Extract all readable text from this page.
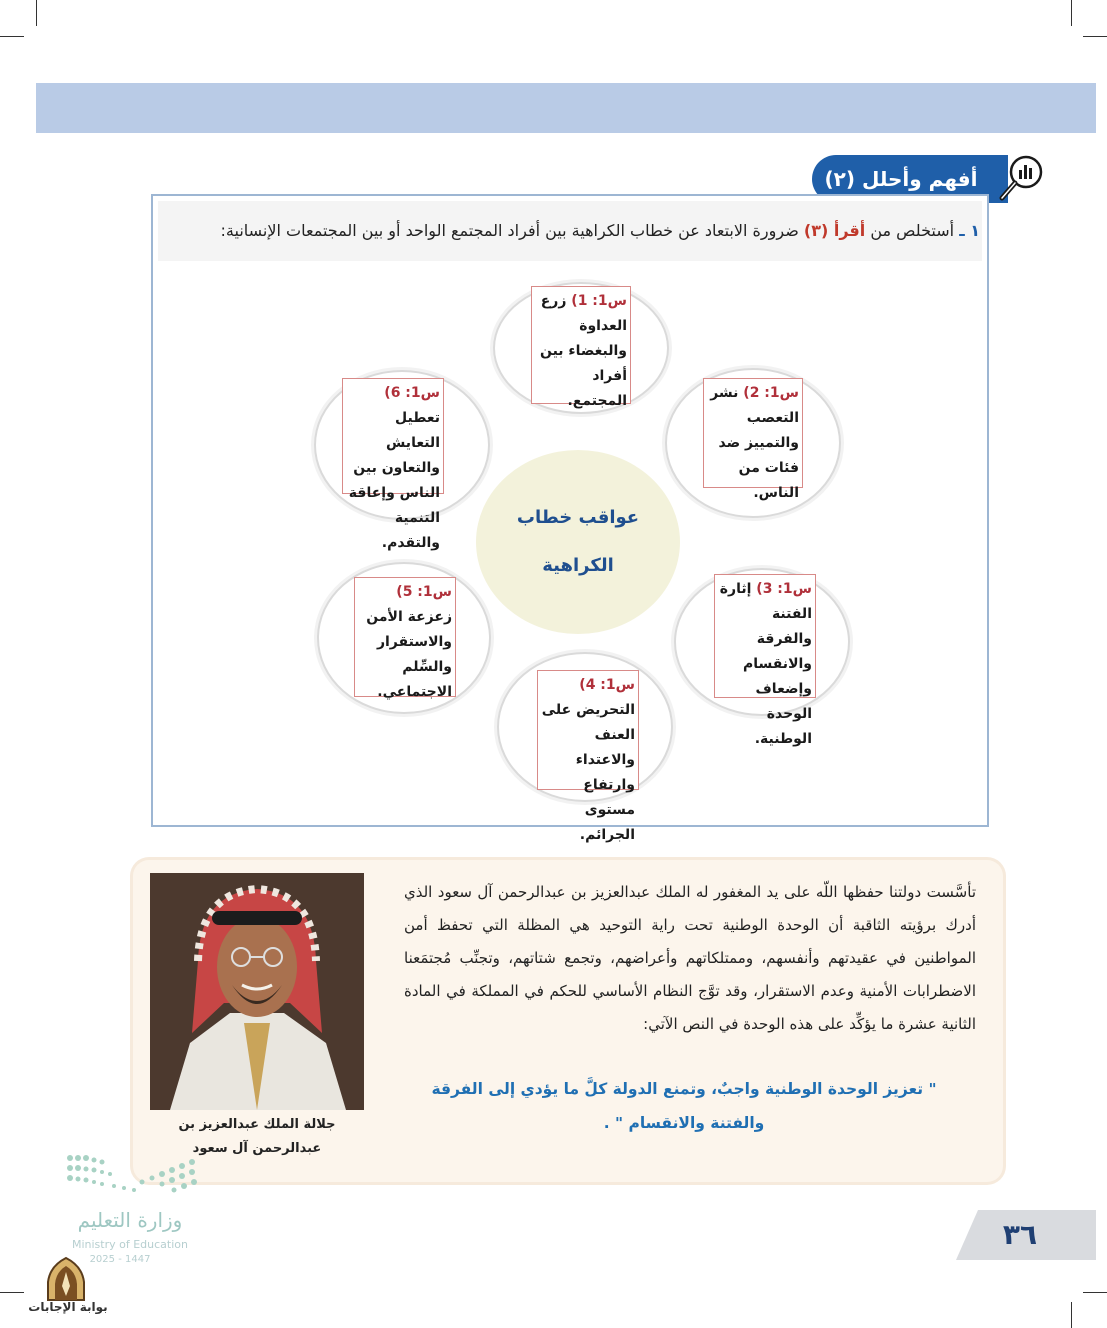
أفهم وأحلل (٢)
١ ـ أستخلص من أقرأ (٣) ضرورة الابتعاد عن خطاب الكراهية بين أفراد المجتمع الواحد أو بين المجتمعات الإنسانية:
عواقب خطاب
الكراهية
س1: 1) زرع العداوة والبغضاء بين أفراد المجتمع.	س1: 2) نشر التعصب والتمييز ضد فئات من الناس.
س1: 3) إثارة الفتنة والفرقة والانقسام وإضعاف الوحدة الوطنية.
س1: 4) التحريض على العنف والاعتداء وارتفاع مستوى الجرائم.
س1: 5) زعزعة الأمن والاستقرار والسِّلم الاجتماعي.
س1: 6) تعطيل التعايش والتعاون بين الناس وإعاقة التنمية والتقدم.
جلالة الملك عبدالعزيز بن
عبدالرحمن آل سعود
تأسَّست دولتنا حفظها اللّه على يد المغفور له الملك عبدالعزيز بن عبدالرحمن آل سعود الذي أدرك برؤيته الثاقبة أن الوحدة الوطنية تحت راية التوحيد هي المظلة التي تحفظ أمن المواطنين في عقيدتهم وأنفسهم، وممتلكاتهم وأعراضهم، وتجمع شتاتهم، وتجنِّب مُجتمَعنا الاضطرابات الأمنية وعدم الاستقرار، وقد توَّج النظام الأساسي للحكم في المملكة في المادة الثانية عشرة ما يؤكِّد على هذه الوحدة في النص الآتي:
" تعزيز الوحدة الوطنية واجبٌ، وتمنع الدولة كلَّ ما يؤدي إلى الفرقة والفتنة والانقسام " .
٣٦
وزارة التعليم
Ministry of Education
2025 - 1447
بوابة الإجابات
